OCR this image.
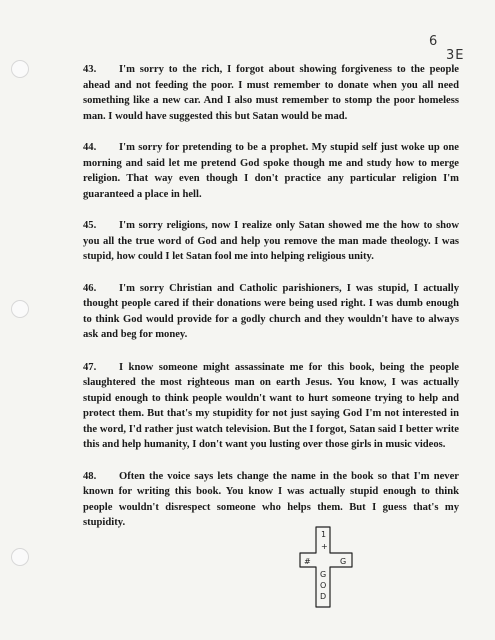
6
3E
43. I'm sorry to the rich, I forgot about showing forgiveness to the people ahead and not feeding the poor. I must remember to donate when you all need something like a new car. And I also must remember to stomp the poor homeless man. I would have suggested this but Satan would be mad.
44. I'm sorry for pretending to be a prophet. My stupid self just woke up one morning and said let me pretend God spoke though me and study how to merge religion. That way even though I don't practice any particular religion I'm guaranteed a place in hell.
45. I'm sorry religions, now I realize only Satan showed me the how to show you all the true word of God and help you remove the man made theology. I was stupid, how could I let Satan fool me into helping religious unity.
46. I'm sorry Christian and Catholic parishioners, I was stupid, I actually thought people cared if their donations were being used right. I was dumb enough to think God would provide for a godly church and they wouldn't have to always ask and beg for money.
47. I know someone might assassinate me for this book, being the people slaughtered the most righteous man on earth Jesus. You know, I was actually stupid enough to think people wouldn't want to hurt someone trying to help and protect them. But that's my stupidity for not just saying God I'm not interested in the word, I'd rather just watch television. But the I forgot, Satan said I better write this and help humanity, I don't want you lusting over those girls in music videos.
48. Often the voice says lets change the name in the book so that I'm never known for writing this book. You know I was actually stupid enough to think people wouldn't disrespect someone who helps them. But I guess that's my stupidity.
1
+
#	G
G
O
D
